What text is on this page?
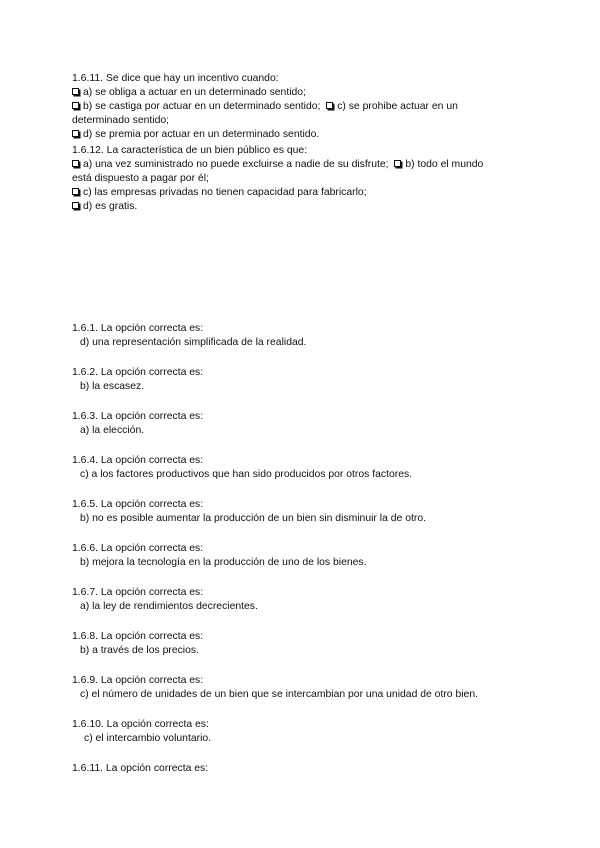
1.6.11. Se dice que hay un incentivo cuando:

a) se obliga a actuar en un determinado sentido;

b) se castiga por actuar en un determinado sentido; c) se prohibe actuar en un

determinado sentido;

d) se premia por actuar en un determinado sentido.

1.6.12. La característica de un bien público es que:

a) una vez suministrado no puede excluirse a nadie de su disfrute; b) todo el mundo

está dispuesto a pagar por él;

c) las empresas privadas no tienen capacidad para fabricarlo;

d) es gratis.

1.6.1. La opción correcta es:

d) una representación simplificada de la realidad.

1.6.2. La opción correcta es:

b) la escasez.

1.6.3. La opción correcta es:

a) la elección.

1.6.4. La opción correcta es:

c) a los factores productivos que han sido producidos por otros factores.

1.6.5. La opción correcta es:

b) no es posible aumentar la producción de un bien sin disminuir la de otro.

1.6.6. La opción correcta es:

b) mejora la tecnología en la producción de uno de los bienes.

1.6.7. La opción correcta es:

a) la ley de rendimientos decrecientes.

1.6.8. La opción correcta es:

b) a través de los precios.

1.6.9. La opción correcta es:

c) el número de unidades de un bien que se intercambian por una unidad de otro bien.

1.6.10. La opción correcta es:

c) el intercambio voluntario.

1.6.11. La opción correcta es:
